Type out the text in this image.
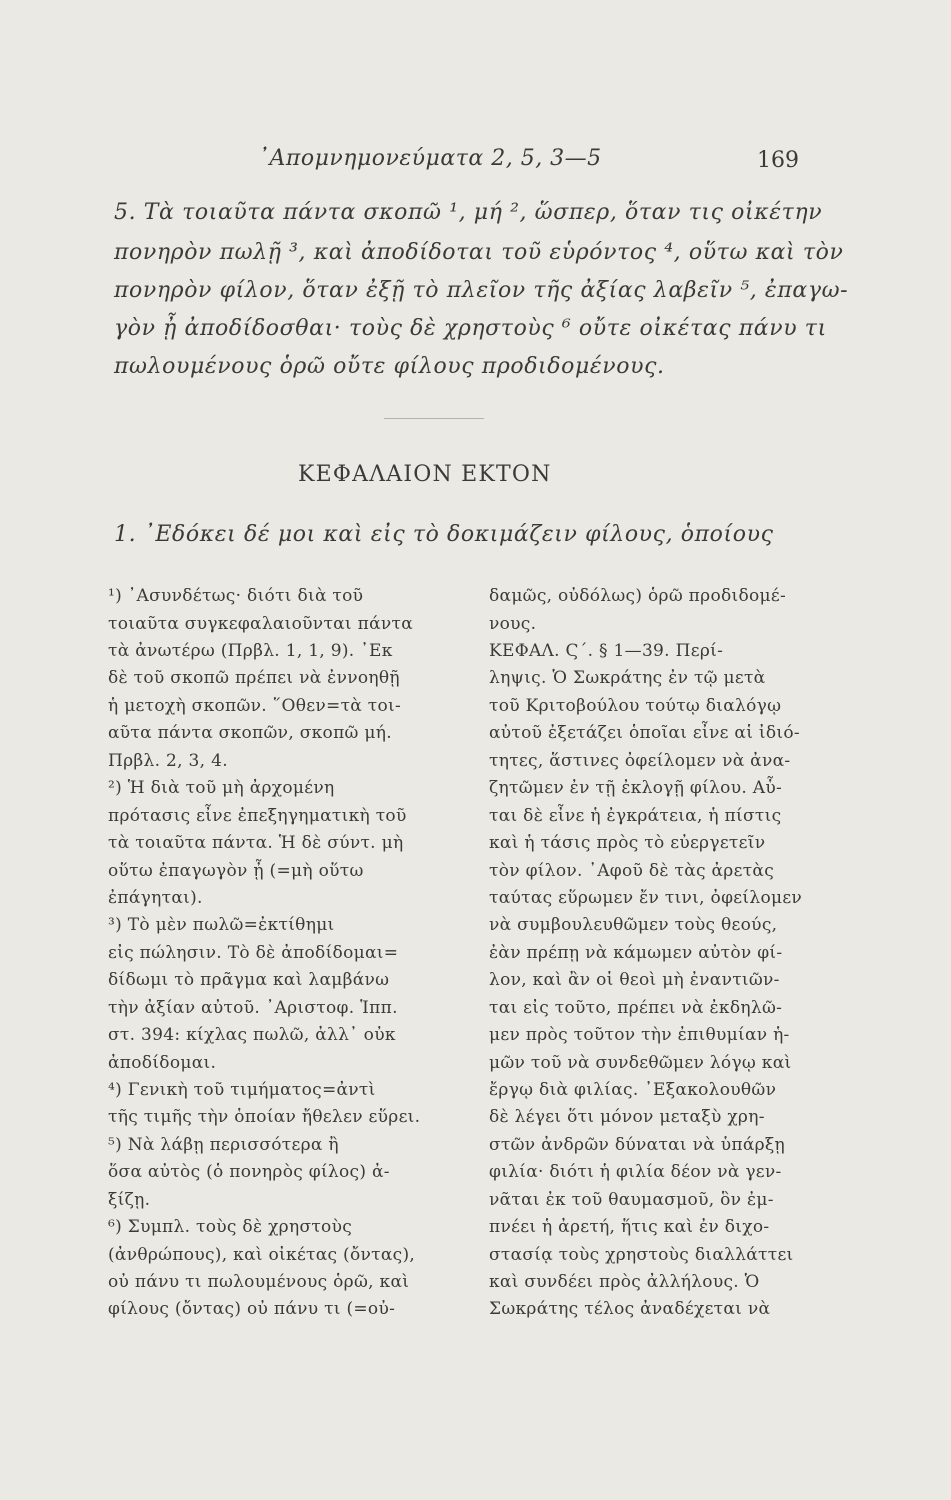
᾽Απομνημονεύματα 2, 5, 3—5	169
5. Τὰ τοιαῦτα πάντα σκοπῶ ¹, μή ², ὥσπερ, ὅταν τις οἰκέτην
πονηρὸν πωλῇ ³, καὶ ἀποδίδοται τοῦ εὑρόντος ⁴, οὕτω καὶ τὸν
πονηρὸν φίλον, ὅταν ἐξῇ τὸ πλεῖον τῆς ἀξίας λαβεῖν ⁵, ἐπαγω-
γὸν ᾖ ἀποδίδοσθαι· τοὺς δὲ χρηστοὺς ⁶ οὔτε οἰκέτας πάνυ τι
πωλουμένους ὁρῶ οὔτε φίλους προδιδομένους.
ΚΕΦΑΛΑΙΟΝ ΕΚΤΟΝ
1. ᾽Εδόκει δέ μοι καὶ εἰς τὸ δοκιμάζειν φίλους, ὁποίους
¹) ᾽Ασυνδέτως· διότι διὰ τοῦ
τοιαῦτα συγκεφαλαιοῦνται πάντα
τὰ ἀνωτέρω (Πρβλ. 1, 1, 9). ᾽Εκ
δὲ τοῦ σκοπῶ πρέπει νὰ ἐννοηθῇ
ἡ μετοχὴ σκοπῶν. ῞Οθεν=τὰ τοι-
αῦτα πάντα σκοπῶν, σκοπῶ μή.
Πρβλ. 2, 3, 4.
²) Ἡ διὰ τοῦ μὴ ἀρχομένη
πρότασις εἶνε ἐπεξηγηματικὴ τοῦ
τὰ τοιαῦτα πάντα. Ἡ δὲ σύντ. μὴ
οὕτω ἐπαγωγὸν ᾖ (=μὴ οὕτω
ἐπάγηται).
³) Τὸ μὲν πωλῶ=ἐκτίθημι
εἰς πώλησιν. Τὸ δὲ ἀποδίδομαι=
δίδωμι τὸ πρᾶγμα καὶ λαμβάνω
τὴν ἀξίαν αὐτοῦ. ᾽Αριστοφ. Ἱππ.
στ. 394: κίχλας πωλῶ, ἀλλ᾽ οὐκ
ἀποδίδομαι.
⁴) Γενικὴ τοῦ τιμήματος=ἀντὶ
τῆς τιμῆς τὴν ὁποίαν ἤθελεν εὕρει.
⁵) Νὰ λάβῃ περισσότερα ἢ
ὅσα αὐτὸς (ὁ πονηρὸς φίλος) ἀ-
ξίζῃ.
⁶) Συμπλ. τοὺς δὲ χρηστοὺς
(ἀνθρώπους), καὶ οἰκέτας (ὄντας),
οὐ πάνυ τι πωλουμένους ὁρῶ, καὶ
φίλους (ὄντας) οὐ πάνυ τι (=οὐ-
δαμῶς, οὐδόλως) ὁρῶ προδιδομέ-
νους.
ΚΕΦΑΛ. Ϛ΄. § 1—39. Περί-
ληψις. Ὁ Σωκράτης ἐν τῷ μετὰ
τοῦ Κριτοβούλου τούτῳ διαλόγῳ
αὐτοῦ ἐξετάζει ὁποῖαι εἶνε αἱ ἰδιό-
τητες, ἅστινες ὀφείλομεν νὰ ἀνα-
ζητῶμεν ἐν τῇ ἐκλογῇ φίλου. Αὗ-
ται δὲ εἶνε ἡ ἐγκράτεια, ἡ πίστις
καὶ ἡ τάσις πρὸς τὸ εὐεργετεῖν
τὸν φίλον. ᾽Αφοῦ δὲ τὰς ἀρετὰς
ταύτας εὕρωμεν ἔν τινι, ὀφείλομεν
νὰ συμβουλευθῶμεν τοὺς θεούς,
ἐὰν πρέπῃ νὰ κάμωμεν αὐτὸν φί-
λον, καὶ ἂν οἱ θεοὶ μὴ ἐναντιῶν-
ται εἰς τοῦτο, πρέπει νὰ ἐκδηλῶ-
μεν πρὸς τοῦτον τὴν ἐπιθυμίαν ἡ-
μῶν τοῦ νὰ συνδεθῶμεν λόγῳ καὶ
ἔργῳ διὰ φιλίας. ᾽Εξακολουθῶν
δὲ λέγει ὅτι μόνον μεταξὺ χρη-
στῶν ἀνδρῶν δύναται νὰ ὑπάρξῃ
φιλία· διότι ἡ φιλία δέον νὰ γεν-
νᾶται ἐκ τοῦ θαυμασμοῦ, ὃν ἐμ-
πνέει ἡ ἀρετή, ἥτις καὶ ἐν διχο-
στασίᾳ τοὺς χρηστοὺς διαλλάττει
καὶ συνδέει πρὸς ἀλλήλους. Ὁ
Σωκράτης τέλος ἀναδέχεται νὰ
